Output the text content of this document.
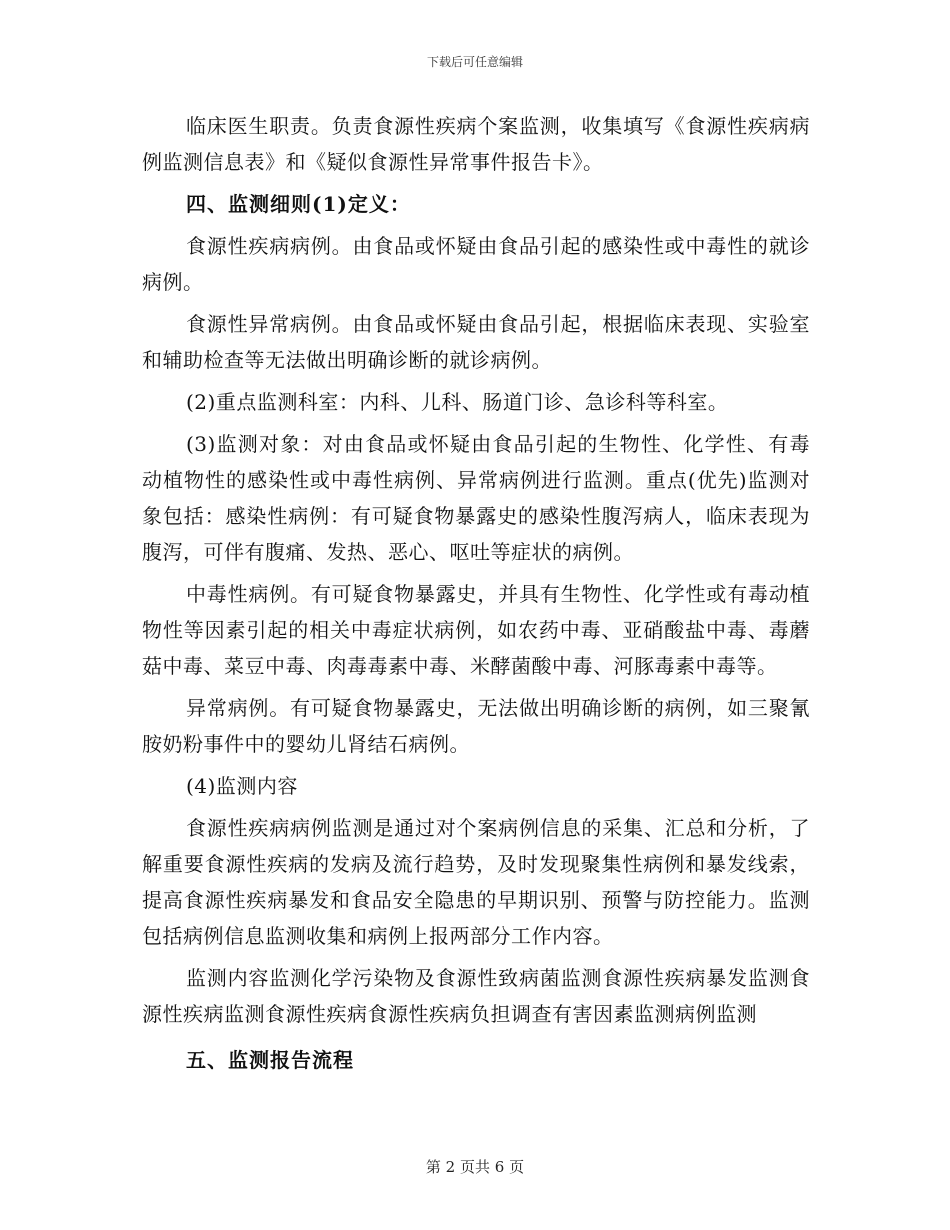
下载后可任意编辑

临床医生职责。负责食源性疾病个案监测，收集填写《食源性疾病病例监测信息表》和《疑似食源性异常事件报告卡》。

四、监测细则(1)定义：

食源性疾病病例。由食品或怀疑由食品引起的感染性或中毒性的就诊病例。

食源性异常病例。由食品或怀疑由食品引起，根据临床表现、实验室和辅助检查等无法做出明确诊断的就诊病例。

(2)重点监测科室：内科、儿科、肠道门诊、急诊科等科室。

(3)监测对象：对由食品或怀疑由食品引起的生物性、化学性、有毒动植物性的感染性或中毒性病例、异常病例进行监测。重点(优先)监测对象包括：感染性病例：有可疑食物暴露史的感染性腹泻病人，临床表现为腹泻，可伴有腹痛、发热、恶心、呕吐等症状的病例。

中毒性病例。有可疑食物暴露史，并具有生物性、化学性或有毒动植物性等因素引起的相关中毒症状病例，如农药中毒、亚硝酸盐中毒、毒蘑菇中毒、菜豆中毒、肉毒毒素中毒、米酵菌酸中毒、河豚毒素中毒等。

异常病例。有可疑食物暴露史，无法做出明确诊断的病例，如三聚氰胺奶粉事件中的婴幼儿肾结石病例。

(4)监测内容

食源性疾病病例监测是通过对个案病例信息的采集、汇总和分析，了解重要食源性疾病的发病及流行趋势，及时发现聚集性病例和暴发线索，提高食源性疾病暴发和食品安全隐患的早期识别、预警与防控能力。监测包括病例信息监测收集和病例上报两部分工作内容。

监测内容监测化学污染物及食源性致病菌监测食源性疾病暴发监测食源性疾病监测食源性疾病食源性疾病负担调查有害因素监测病例监测

五、监测报告流程

第 2 页共 6 页
